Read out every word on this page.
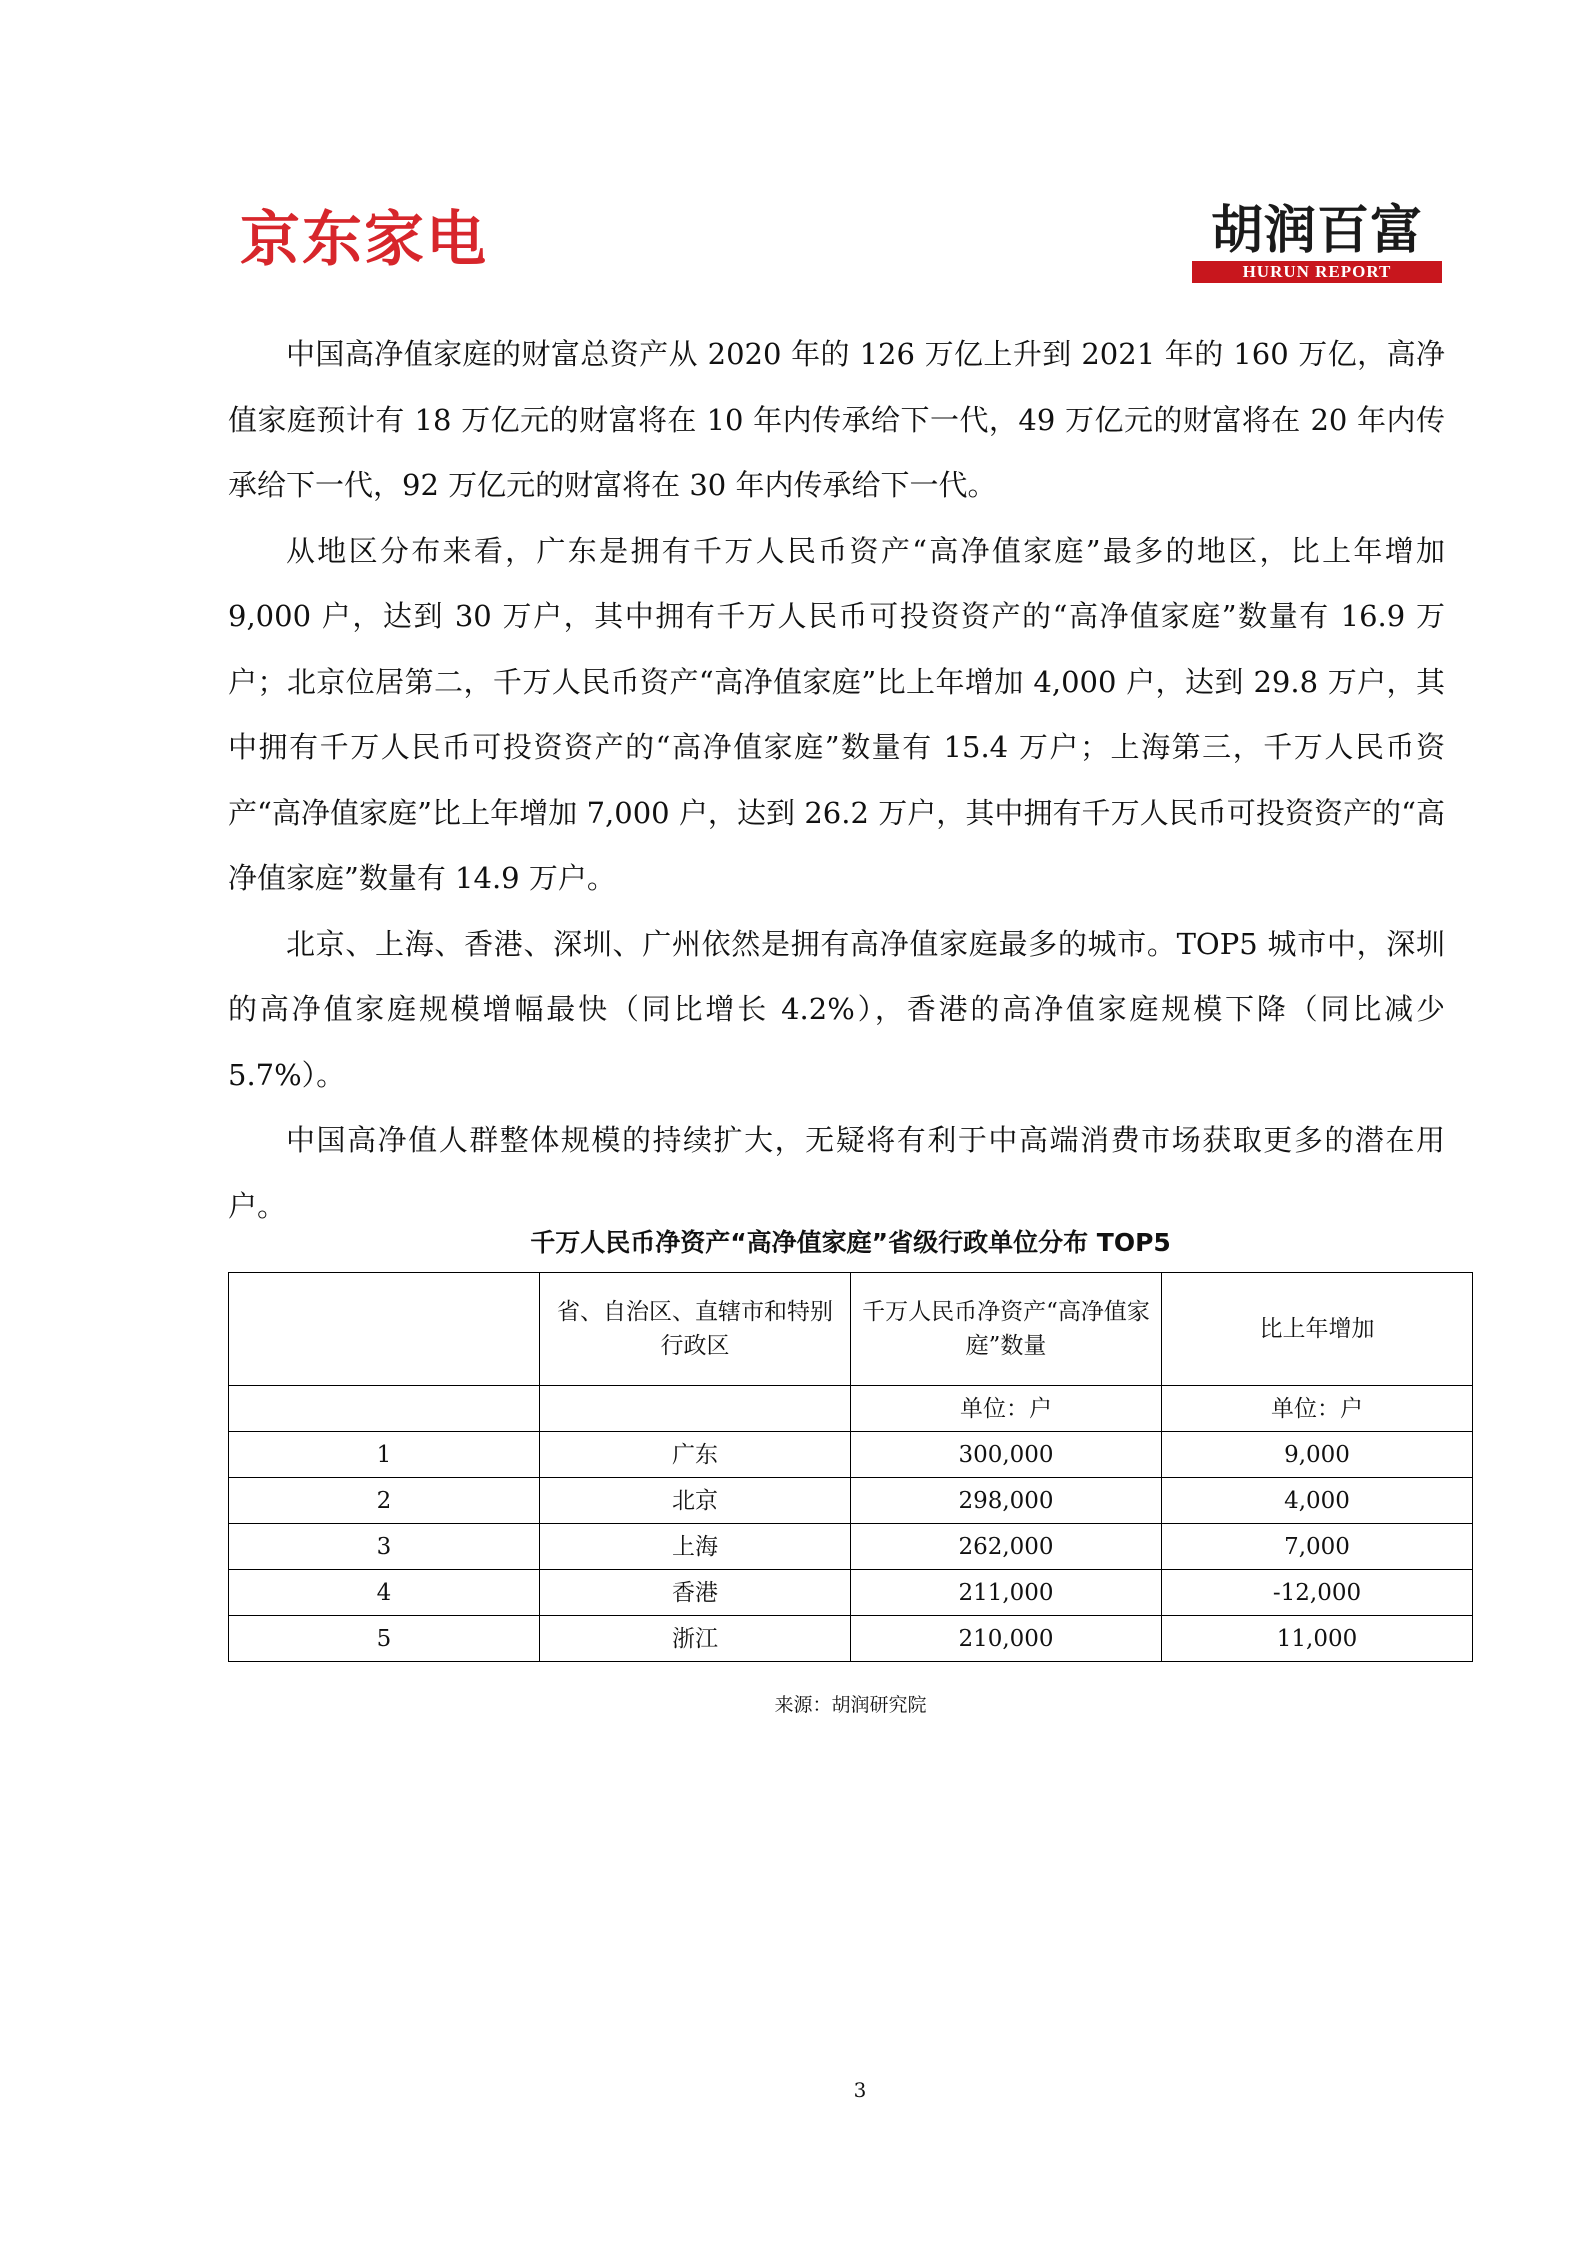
京东家电	胡润百富
HURUN REPORT

中国高净值家庭的财富总资产从 2020 年的 126 万亿上升到 2021 年的 160 万亿，高净值家庭预计有 18 万亿元的财富将在 10 年内传承给下一代，49 万亿元的财富将在 20 年内传承给下一代，92 万亿元的财富将在 30 年内传承给下一代。

从地区分布来看，广东是拥有千万人民币资产“高净值家庭”最多的地区，比上年增加 9,000 户，达到 30 万户，其中拥有千万人民币可投资资产的“高净值家庭”数量有 16.9 万户；北京位居第二，千万人民币资产“高净值家庭”比上年增加 4,000 户，达到 29.8 万户，其中拥有千万人民币可投资资产的“高净值家庭”数量有 15.4 万户；上海第三，千万人民币资产“高净值家庭”比上年增加 7,000 户，达到 26.2 万户，其中拥有千万人民币可投资资产的“高净值家庭”数量有 14.9 万户。

北京、上海、香港、深圳、广州依然是拥有高净值家庭最多的城市。TOP5 城市中，深圳的高净值家庭规模增幅最快（同比增长 4.2%），香港的高净值家庭规模下降（同比减少 5.7%）。

中国高净值人群整体规模的持续扩大，无疑将有利于中高端消费市场获取更多的潜在用户。

千万人民币净资产“高净值家庭”省级行政单位分布 TOP5
	省、自治区、直辖市和特别行政区	千万人民币净资产“高净值家庭”数量	比上年增加
		单位：户	单位：户
1	广东	300,000	9,000
2	北京	298,000	4,000
3	上海	262,000	7,000
4	香港	211,000	-12,000
5	浙江	210,000	11,000
来源：胡润研究院
3
